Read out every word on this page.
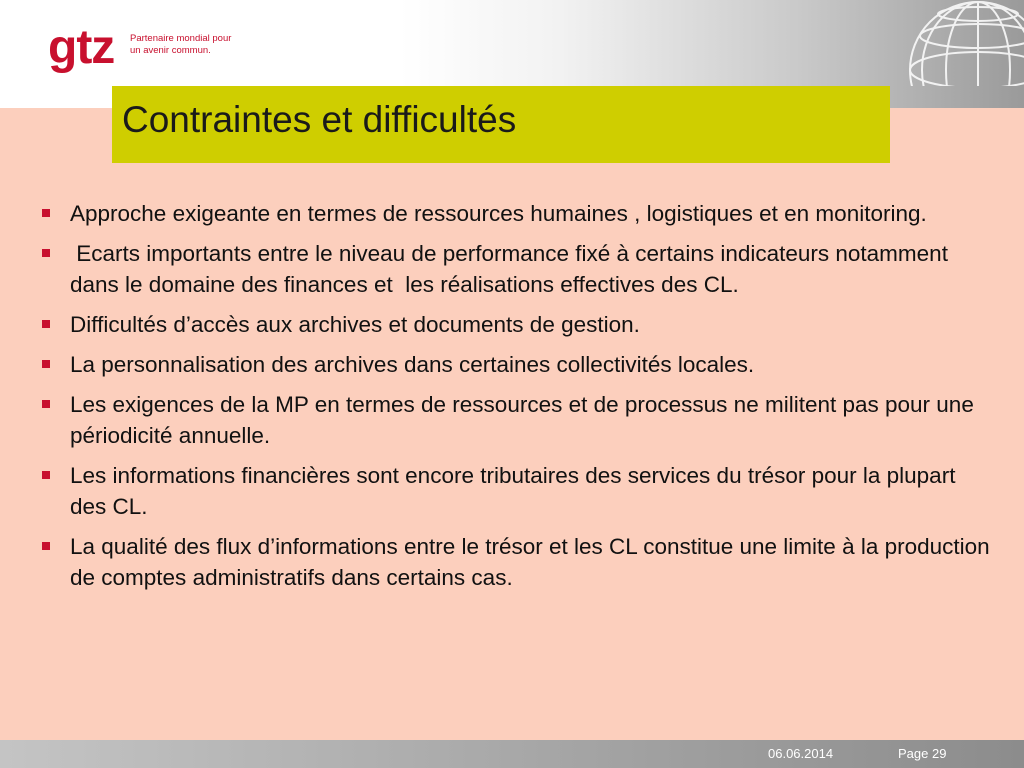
gtz Partenaire mondial pour
un avenir commun.
Contraintes et difficultés
Approche exigeante en termes de ressources humaines , logistiques et en monitoring.
Ecarts importants entre le niveau de performance fixé à certains indicateurs notamment dans le domaine des finances et  les réalisations effectives des CL.
Difficultés d’accès aux archives et documents de gestion.
La personnalisation des archives dans certaines collectivités locales.
Les exigences de la MP en termes de ressources et de processus ne militent pas pour une périodicité annuelle.
Les informations financières sont encore tributaires des services du trésor pour la plupart des CL.
La qualité des flux d’informations entre le trésor et les CL constitue une limite à la production de comptes administratifs dans certains cas.
06.06.2014	Page 29
